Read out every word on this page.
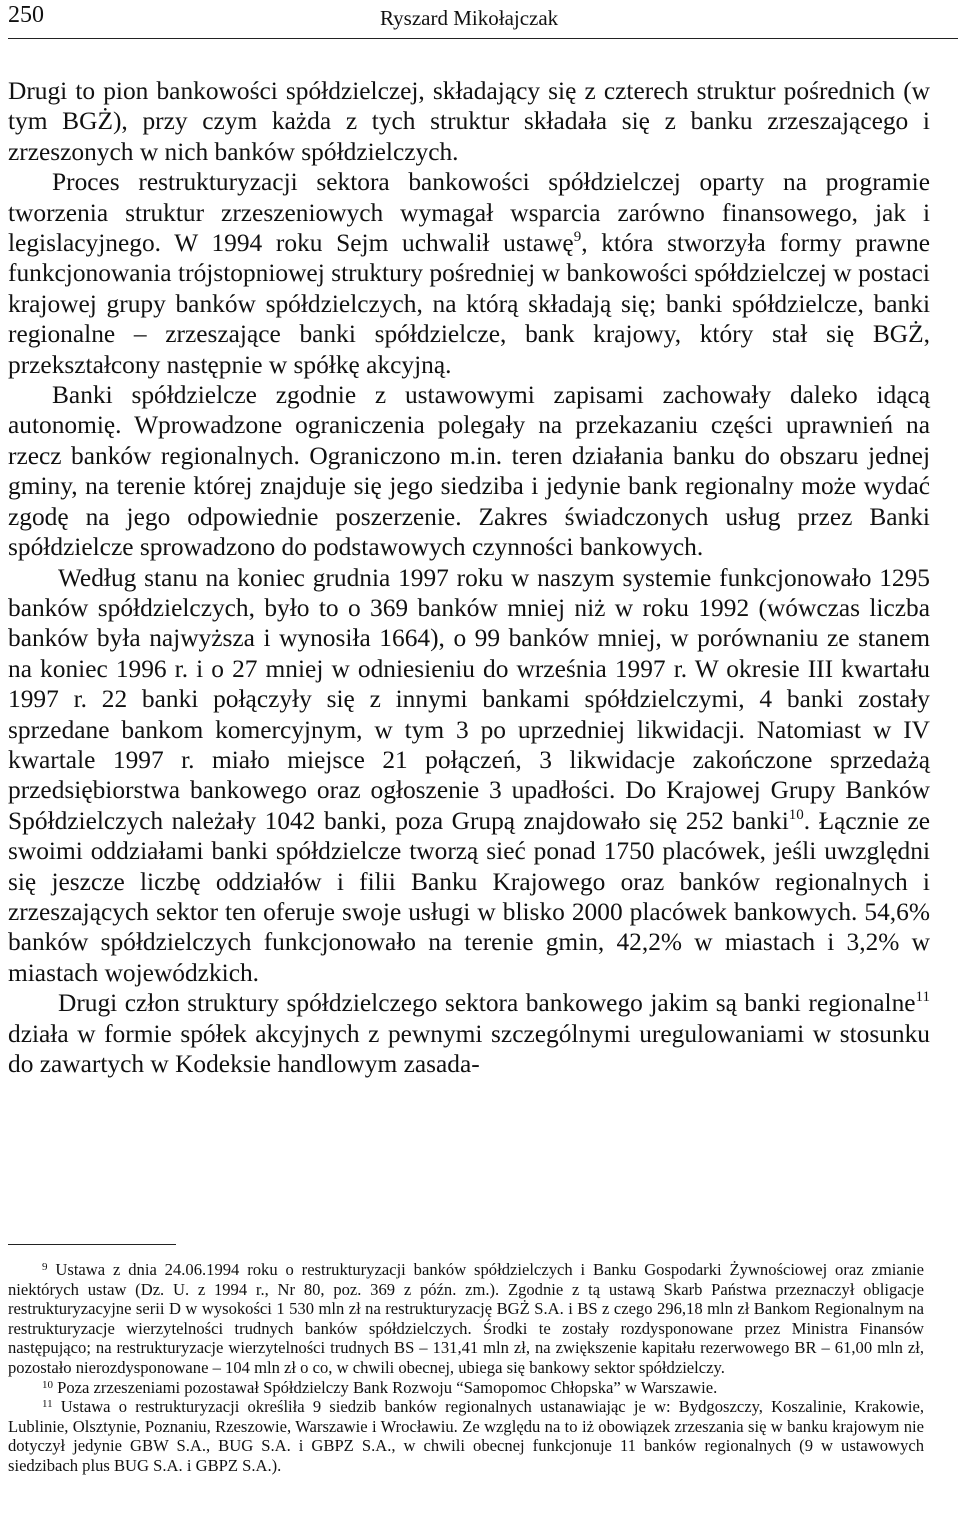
250	Ryszard Mikołajczak

Drugi to pion bankowości spółdzielczej, składający się z czterech struktur pośrednich (w tym BGŻ), przy czym każda z tych struktur składała się z banku zrzeszającego i zrzeszonych w nich banków spółdzielczych.

Proces restrukturyzacji sektora bankowości spółdzielczej oparty na programie tworzenia struktur zrzeszeniowych wymagał wsparcia zarówno finansowego, jak i legislacyjnego. W 1994 roku Sejm uchwalił ustawę$^9$, która stworzyła formy prawne funkcjonowania trójstopniowej struktury pośredniej w bankowości spółdzielczej w postaci krajowej grupy banków spółdzielczych, na którą składają się; banki spółdzielcze, banki regionalne – zrzeszające banki spółdzielcze, bank krajowy, który stał się BGŻ, przekształcony następnie w spółkę akcyjną.

Banki spółdzielcze zgodnie z ustawowymi zapisami zachowały daleko idącą autonomię. Wprowadzone ograniczenia polegały na przekazaniu części uprawnień na rzecz banków regionalnych. Ograniczono m.in. teren działania banku do obszaru jednej gminy, na terenie której znajduje się jego siedziba i jedynie bank regionalny może wydać zgodę na jego odpowiednie poszerzenie. Zakres świadczonych usług przez Banki spółdzielcze sprowadzono do podstawowych czynności bankowych.

Według stanu na koniec grudnia 1997 roku w naszym systemie funkcjonowało 1295 banków spółdzielczych, było to o 369 banków mniej niż w roku 1992 (wówczas liczba banków była najwyższa i wynosiła 1664), o 99 banków mniej, w porównaniu ze stanem na koniec 1996 r. i o 27 mniej w odniesieniu do września 1997 r. W okresie III kwartału 1997 r. 22 banki połączyły się z innymi bankami spółdzielczymi, 4 banki zostały sprzedane bankom komercyjnym, w tym 3 po uprzedniej likwidacji. Natomiast w IV kwartale 1997 r. miało miejsce 21 połączeń, 3 likwidacje zakończone sprzedażą przedsiębiorstwa bankowego oraz ogłoszenie 3 upadłości. Do Krajowej Grupy Banków Spółdzielczych należały 1042 banki, poza Grupą znajdowało się 252 banki$^{10}$. Łącznie ze swoimi oddziałami banki spółdzielcze tworzą sieć ponad 1750 placówek, jeśli uwzględni się jeszcze liczbę oddziałów i filii Banku Krajowego oraz banków regionalnych i zrzeszających sektor ten oferuje swoje usługi w blisko 2000 placówek bankowych. 54,6% banków spółdzielczych funkcjonowało na terenie gmin, 42,2% w miastach i 3,2% w miastach wojewódzkich.

Drugi człon struktury spółdzielczego sektora bankowego jakim są banki regionalne$^{11}$ działa w formie spółek akcyjnych z pewnymi szczególnymi uregulowaniami w stosunku do zawartych w Kodeksie handlowym zasada-

$^9$ Ustawa z dnia 24.06.1994 roku o restrukturyzacji banków spółdzielczych i Banku Gospodarki Żywnościowej oraz zmianie niektórych ustaw (Dz. U. z 1994 r., Nr 80, poz. 369 z późn. zm.). Zgodnie z tą ustawą Skarb Państwa przeznaczył obligacje restrukturyzacyjne serii D w wysokości 1 530 mln zł na restrukturyzację BGŻ S.A. i BS z czego 296,18 mln zł Bankom Regionalnym na restrukturyzacje wierzytelności trudnych banków spółdzielczych. Środki te zostały rozdysponowane przez Ministra Finansów następująco; na restrukturyzacje wierzytelności trudnych BS – 131,41 mln zł, na zwiększenie kapitału rezerwowego BR – 61,00 mln zł, pozostało nierozdysponowane – 104 mln zł o co, w chwili obecnej, ubiega się bankowy sektor spółdzielczy.

$^{10}$ Poza zrzeszeniami pozostawał Spółdzielczy Bank Rozwoju “Samopomoc Chłopska” w Warszawie.

$^{11}$ Ustawa o restrukturyzacji określiła 9 siedzib banków regionalnych ustanawiając je w: Bydgoszczy, Koszalinie, Krakowie, Lublinie, Olsztynie, Poznaniu, Rzeszowie, Warszawie i Wrocławiu. Ze względu na to iż obowiązek zrzeszania się w banku krajowym nie dotyczył jedynie GBW S.A., BUG S.A. i GBPZ S.A., w chwili obecnej funkcjonuje 11 banków regionalnych (9 w ustawowych siedzibach plus BUG S.A. i GBPZ S.A.).
